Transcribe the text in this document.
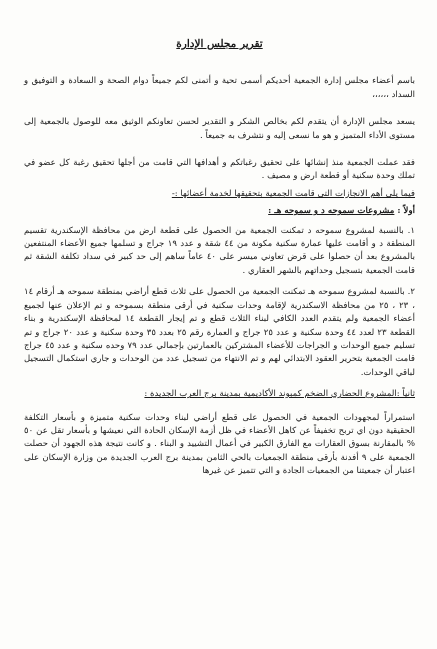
تقرير مجلس الإدارة

باسم أعضاء مجلس إدارة الجمعية أحديكم أسمى تحية و أتمنى لكم جميعاً دوام الصحة و السعادة و التوفيق و السداد ،،،،،،

يسعد مجلس الإدارة أن يتقدم لكم بخالص الشكر و التقدير لحسن تعاونكم الوثيق معه للوصول بالجمعية إلى مستوى الأداء المتميز و هو ما نسعى إليه و نتشرف به جميعاً .

فقد عملت الجمعية منذ إنشائها على تحقيق رغباتكم و أهدافها التي قامت من أجلها تحقيق رغبة كل عضو في تملك وحدة سكنية أو قطعة ارض و مصيف .

فيما يلي أهم الانجازات التي قامت الجمعية بتحقيقها لخدمة أعضائها :-

أولاً : مشروعات سموحه د و سموحه هـ :

١. بالنسبة لمشروع سموحه د تمكنت الجمعية من الحصول على قطعة ارض من محافظة الإسكندرية تقسيم المنطقة د و أقامت عليها عمارة سكنية مكونة من ٤٤ شقة و عدد ١٩ جراج و تسلمها جميع الأعضاء المنتفعين بالمشروع بعد أن حصلوا على قرض تعاوني ميسر على ٤٠ عاماً ساهم إلى حد كبير في سداد تكلفة الشقة ثم قامت الجمعية بتسجيل وحداتهم بالشهر العقاري .

٢. بالنسبة لمشروع سموحه هـ تمكنت الجمعية من الحصول على ثلاث قطع أراضي بمنطقة سموحه هـ أرقام ١٤ ، ٢٣ ، ٢٥ من محافظة الاسكندرية لإقامة وحدات سكنية في أرقى منطقة بسموحه و تم الإعلان عنها لجميع أعضاء الجمعية ولم يتقدم العدد الكافي لبناء الثلاث قطع و تم إيجار القطعة ١٤ لمحافظة الإسكندرية و بناء القطعة ٢٣ لعدد ٤٤ وحدة سكنية و عدد ٢٥ جراج و العمارة رقم ٢٥ بعدد ٣٥ وحدة سكنية و عدد ٢٠ جراج و تم تسليم جميع الوحدات و الجراجات للأعضاء المشتركين بالعمارتين بإجمالي عدد ٧٩ وحده سكنية و عدد ٤٥ جراج قامت الجمعية بتحرير العقود الابتدائي لهم و تم الانتهاء من تسجيل عدد من الوحدات و جاري استكمال التسجيل لباقي الوحدات.

ثانياً :المشروع الحضاري الضخم كمبوند الأكاديمية بمدينة برج العرب الجديدة :

استمراراً لمجهودات الجمعية في الحصول على قطع أراضي لبناء وحدات سكنية متميزة و بأسعار التكلفة الحقيقية دون اي تربح تخفيفاً عن كاهل الأعضاء في ظل أزمة الإسكان الحادة التي نعيشها و بأسعار تقل عن ٥٠ % بالمقارنة بسوق العقارات مع الفارق الكبير في أعمال التشييد و البناء . و كانت نتيجة هذه الجهود أن حصلت الجمعية على ٩ أفدنة بأرقى منطقة الجمعيات بالحي الثامن بمدينة برج العرب الجديدة من وزارة الإسكان على اعتبار أن جمعيتنا من الجمعيات الجادة و التي تتميز عن غيرها
